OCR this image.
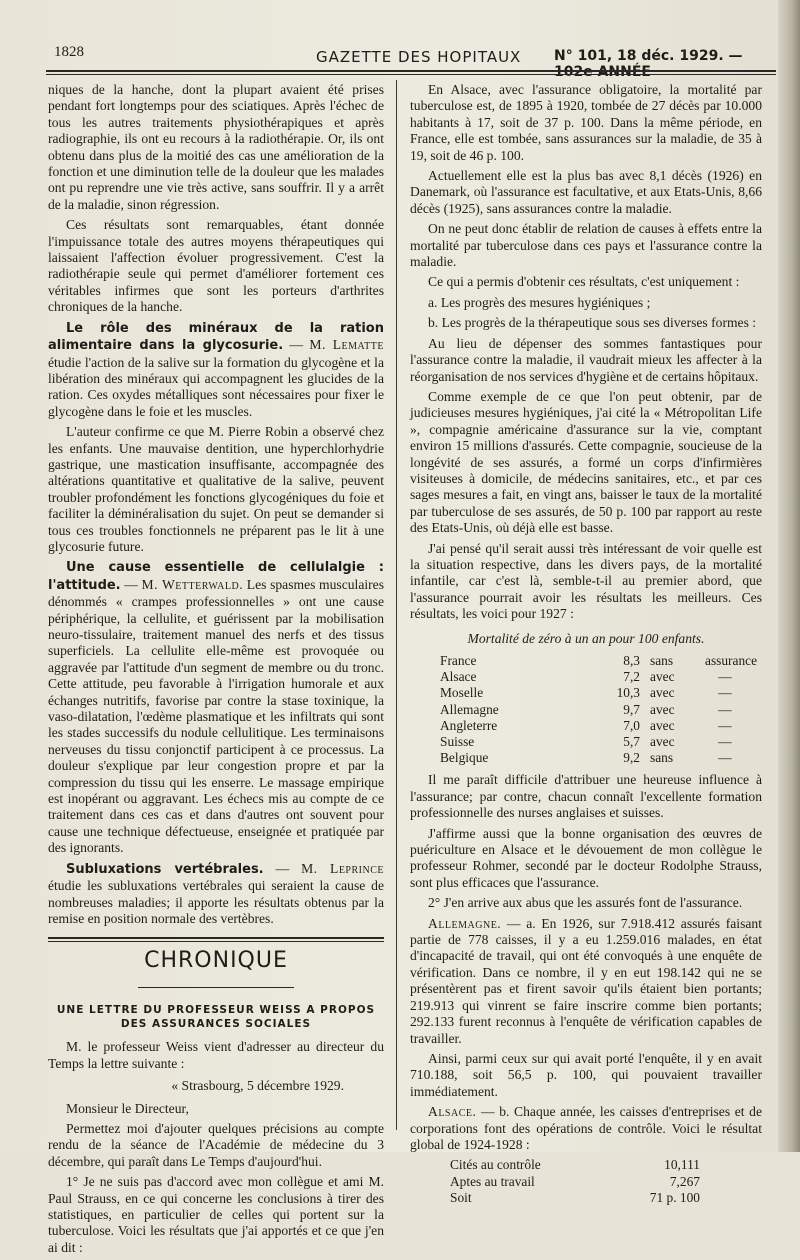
1828	GAZETTE DES HOPITAUX N° 101, 18 déc. 1929. — 102e ANNÉE

niques de la hanche, dont la plupart avaient été prises pendant fort longtemps pour des sciatiques. Après l'échec de tous les autres traitements physiothérapiques et après radiographie, ils ont eu recours à la radiothérapie. Or, ils ont obtenu dans plus de la moitié des cas une amélioration de la fonction et une diminution telle de la douleur que les malades ont pu reprendre une vie très active, sans souffrir. Il y a arrêt de la maladie, sinon régression.

Ces résultats sont remarquables, étant donnée l'impuissance totale des autres moyens thérapeutiques qui laissaient l'affection évoluer progressivement. C'est la radiothérapie seule qui permet d'améliorer fortement ces véritables infirmes que sont les porteurs d'arthrites chroniques de la hanche.

Le rôle des minéraux de la ration alimentaire dans la glycosurie. — M. Lematte étudie l'action de la salive sur la formation du glycogène et la libération des minéraux qui accompagnent les glucides de la ration. Ces oxydes métalliques sont nécessaires pour fixer le glycogène dans le foie et les muscles.

L'auteur confirme ce que M. Pierre Robin a observé chez les enfants. Une mauvaise dentition, une hyperchlorhydrie gastrique, une mastication insuffisante, accompagnée des altérations quantitative et qualitative de la salive, peuvent troubler profondément les fonctions glycogéniques du foie et faciliter la déminéralisation du sujet. On peut se demander si tous ces troubles fonctionnels ne préparent pas le lit à une glycosurie future.

Une cause essentielle de cellulalgie : l'attitude. — M. Wetterwald. Les spasmes musculaires dénommés « crampes professionnelles » ont une cause périphérique, la cellulite, et guérissent par la mobilisation neuro-tissulaire, traitement manuel des nerfs et des tissus superficiels. La cellulite elle-même est provoquée ou aggravée par l'attitude d'un segment de membre ou du tronc. Cette attitude, peu favorable à l'irrigation humorale et aux échanges nutritifs, favorise par contre la stase toxinique, la vaso-dilatation, l'œdème plasmatique et les infiltrats qui sont les stades successifs du nodule cellulitique. Les terminaisons nerveuses du tissu conjonctif participent à ce processus. La douleur s'explique par leur congestion propre et par la compression du tissu qui les enserre. Le massage empirique est inopérant ou aggravant. Les échecs mis au compte de ce traitement dans ces cas et dans d'autres ont souvent pour cause une technique défectueuse, enseignée et pratiquée par des ignorants.

Subluxations vertébrales. — M. Leprince étudie les subluxations vertébrales qui seraient la cause de nombreuses maladies; il apporte les résultats obtenus par la remise en position normale des vertèbres.

CHRONIQUE
UNE LETTRE DU PROFESSEUR WEISS A PROPOS DES ASSURANCES SOCIALES

M. le professeur Weiss vient d'adresser au directeur du Temps la lettre suivante :

« Strasbourg, 5 décembre 1929.

Monsieur le Directeur,

Permettez moi d'ajouter quelques précisions au compte rendu de la séance de l'Académie de médecine du 3 décembre, qui paraît dans Le Temps d'aujourd'hui.

1° Je ne suis pas d'accord avec mon collègue et ami M. Paul Strauss, en ce qui concerne les conclusions à tirer des statistiques, en particulier de celles qui portent sur la tuberculose. Voici les résultats que j'ai apportés et ce que j'en ai dit :

En Alsace, avec l'assurance obligatoire, la mortalité par tuberculose est, de 1895 à 1920, tombée de 27 décès par 10.000 habitants à 17, soit de 37 p. 100. Dans la même période, en France, elle est tombée, sans assurances sur la maladie, de 35 à 19, soit de 46 p. 100.

Actuellement elle est la plus bas avec 8,1 décès (1926) en Danemark, où l'assurance est facultative, et aux Etats-Unis, 8,66 décès (1925), sans assurances contre la maladie.

On ne peut donc établir de relation de causes à effets entre la mortalité par tuberculose dans ces pays et l'assurance contre la maladie.

Ce qui a permis d'obtenir ces résultats, c'est uniquement :

a. Les progrès des mesures hygiéniques ;

b. Les progrès de la thérapeutique sous ses diverses formes :

Au lieu de dépenser des sommes fantastiques pour l'assurance contre la maladie, il vaudrait mieux les affecter à la réorganisation de nos services d'hygiène et de certains hôpitaux.

Comme exemple de ce que l'on peut obtenir, par de judicieuses mesures hygiéniques, j'ai cité la « Métropolitan Life », compagnie américaine d'assurance sur la vie, comptant environ 15 millions d'assurés. Cette compagnie, soucieuse de la longévité de ses assurés, a formé un corps d'infirmières visiteuses à domicile, de médecins sanitaires, etc., et par ces sages mesures a fait, en vingt ans, baisser le taux de la mortalité par tuberculose de ses assurés, de 50 p. 100 par rapport au reste des Etats-Unis, où déjà elle est basse.

J'ai pensé qu'il serait aussi très intéressant de voir quelle est la situation respective, dans les divers pays, de la mortalité infantile, car c'est là, semble-t-il au premier abord, que l'assurance pourrait avoir les résultats les meilleurs. Ces résultats, les voici pour 1927 :

Mortalité de zéro à un an pour 100 enfants.
France	8,3 sans	assurance
Alsace	7,2 avec	—
Moselle	10,3 avec	—
Allemagne	9,7 avec	—
Angleterre	7,0 avec	—
Suisse	5,7 avec	—
Belgique	9,2 sans	—

Il me paraît difficile d'attribuer une heureuse influence à l'assurance; par contre, chacun connaît l'excellente formation professionnelle des nurses anglaises et suisses.

J'affirme aussi que la bonne organisation des œuvres de puériculture en Alsace et le dévouement de mon collègue le professeur Rohmer, secondé par le docteur Rodolphe Strauss, sont plus efficaces que l'assurance.

2° J'en arrive aux abus que les assurés font de l'assurance.

Allemagne. — a. En 1926, sur 7.918.412 assurés faisant partie de 778 caisses, il y a eu 1.259.016 malades, en état d'incapacité de travail, qui ont été convoqués à une enquête de vérification. Dans ce nombre, il y en eut 198.142 qui ne se présentèrent pas et firent savoir qu'ils étaient bien portants; 219.913 qui vinrent se faire inscrire comme bien portants; 292.133 furent reconnus à l'enquête de vérification capables de travailler.

Ainsi, parmi ceux sur qui avait porté l'enquête, il y en avait 710.188, soit 56,5 p. 100, qui pouvaient travailler immédiatement.

Alsace. — b. Chaque année, les caisses d'entreprises et de corporations font des opérations de contrôle. Voici le résultat global de 1924-1928 :

Cités au contrôle	10,111
Aptes au travail	7,267
Soit	71 p. 100
